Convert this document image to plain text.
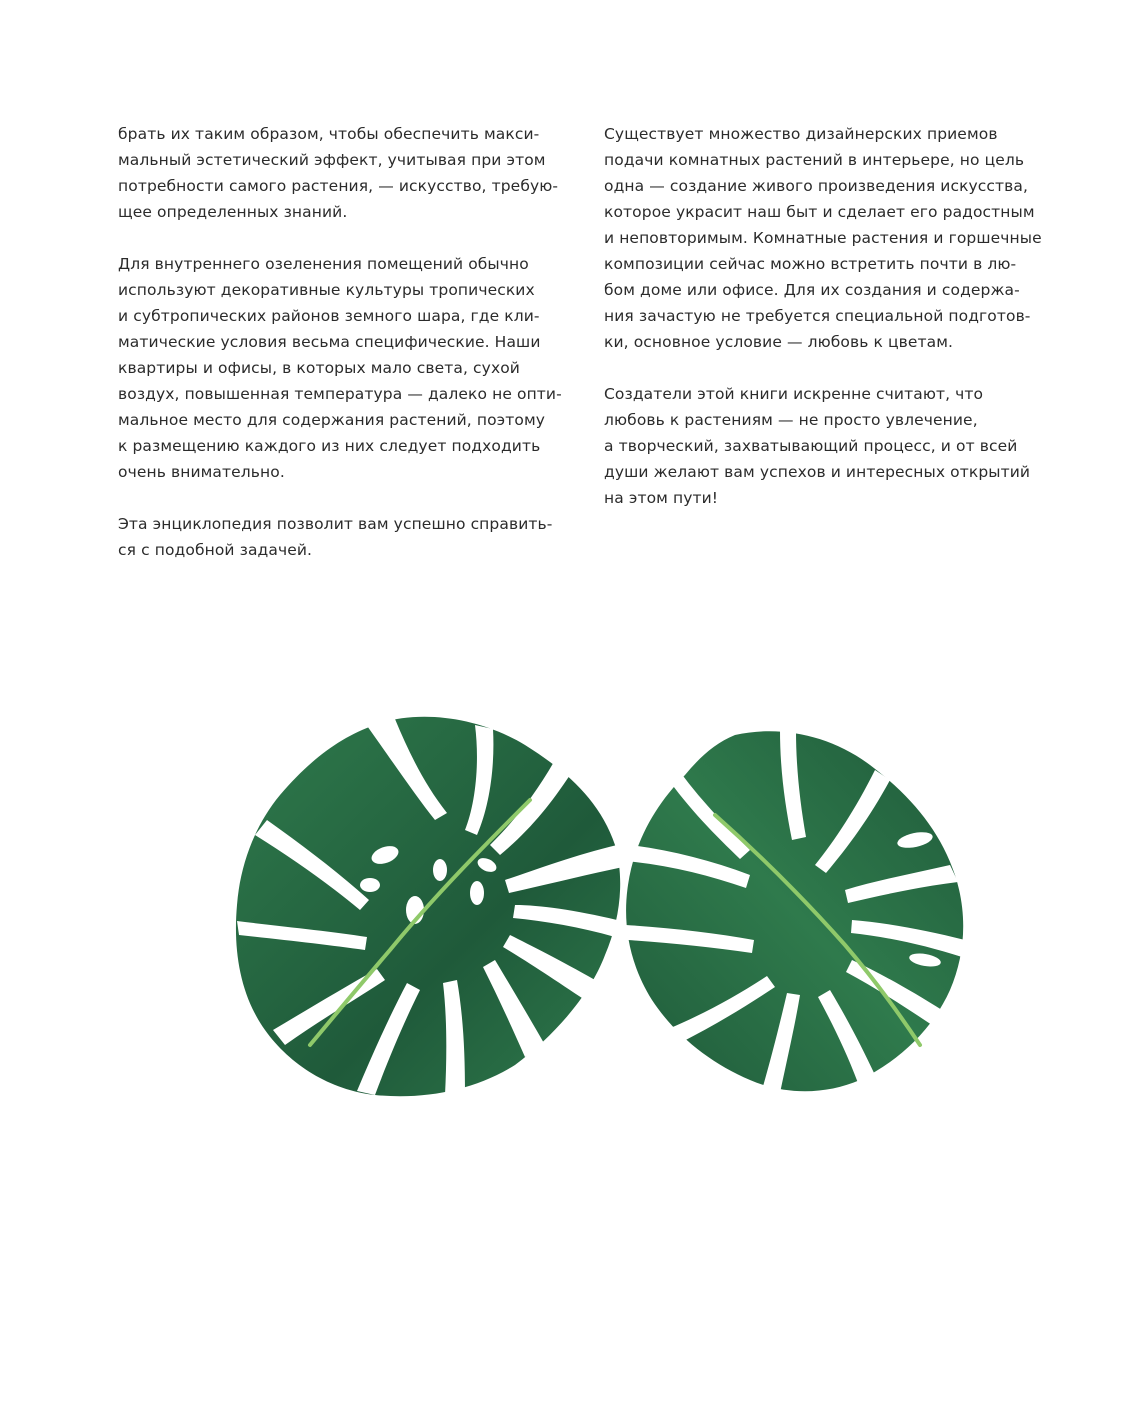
брать их таким образом, чтобы обеспечить макси-
мальный эстетический эффект, учитывая при этом
потребности самого растения, — искусство, требую-
щее определенных знаний.

Для внутреннего озеленения помещений обычно
используют декоративные культуры тропических
и субтропических районов земного шара, где кли-
матические условия весьма специфические. Наши
квартиры и офисы, в которых мало света, сухой
воздух, повышенная температура — далеко не опти-
мальное место для содержания растений, поэтому
к размещению каждого из них следует подходить
очень внимательно.

Эта энциклопедия позволит вам успешно справить-
ся с подобной задачей.

Существует множество дизайнерских приемов
подачи комнатных растений в интерьере, но цель
одна — создание живого произведения искусства,
которое украсит наш быт и сделает его радостным
и неповторимым. Комнатные растения и горшечные
композиции сейчас можно встретить почти в лю-
бом доме или офисе. Для их создания и содержа-
ния зачастую не требуется специальной подготов-
ки, основное условие — любовь к цветам.

Создатели этой книги искренне считают, что
любовь к растениям — не просто увлечение,
а творческий, захватывающий процесс, и от всей
души желают вам успехов и интересных открытий
на этом пути!
